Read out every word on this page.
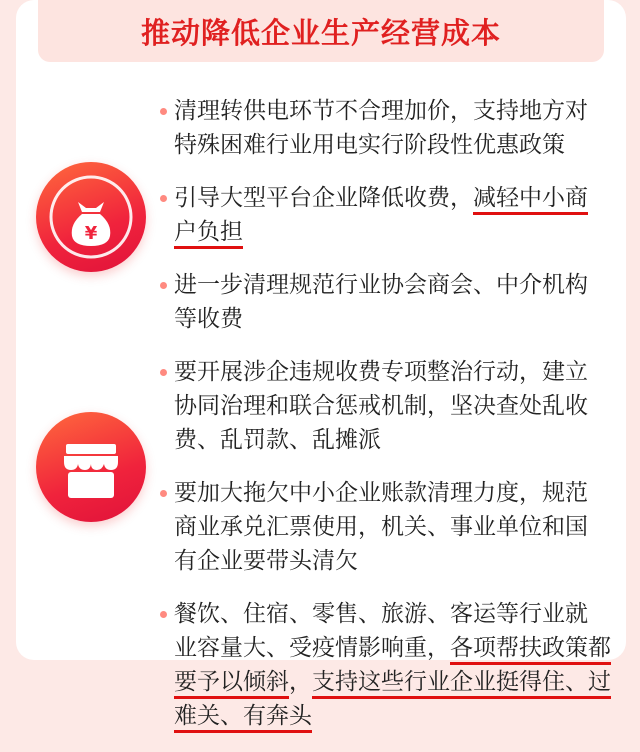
推动降低企业生产经营成本
¥
清理转供电环节不合理加价，支持地方对
特殊困难行业用电实行阶段性优惠政策
引导大型平台企业降低收费，减轻中小商
户负担
进一步清理规范行业协会商会、中介机构
等收费
要开展涉企违规收费专项整治行动，建立
协同治理和联合惩戒机制，坚决查处乱收
费、乱罚款、乱摊派
要加大拖欠中小企业账款清理力度，规范
商业承兑汇票使用，机关、事业单位和国
有企业要带头清欠
餐饮、住宿、零售、旅游、客运等行业就
业容量大、受疫情影响重，各项帮扶政策都
要予以倾斜，支持这些行业企业挺得住、过
难关、有奔头
